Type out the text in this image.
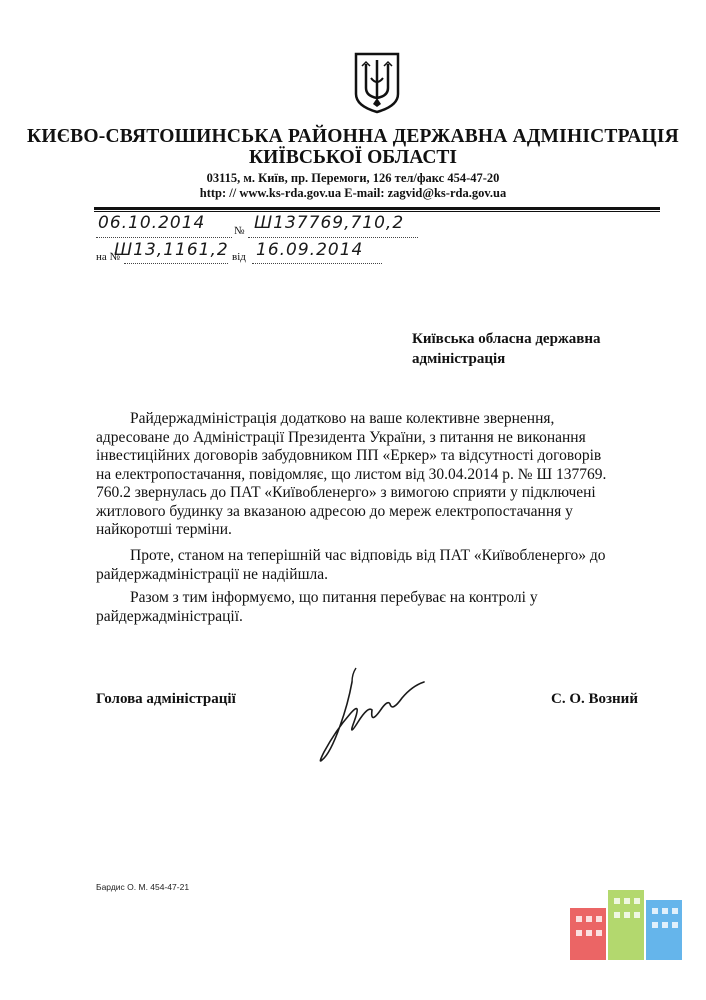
КИЄВО-СВЯТОШИНСЬКА РАЙОННА ДЕРЖАВНА АДМІНІСТРАЦІЯ
КИЇВСЬКОЇ ОБЛАСТІ
03115, м. Київ, пр. Перемоги, 126 тел/факс 454-47-20
http: // www.ks-rda.gov.ua E-mail: zagvid@ks-rda.gov.ua
06.10.2014	№ Ш137769,710,2
на №
Ш13,1161,2 від 16.09.2014
Київська обласна державна
адміністрація
Райдержадміністрація додатково на ваше колективне звернення,
адресоване до Адміністрації Президента України, з питання не виконання
інвестиційних договорів забудовником ПП «Еркер» та відсутності договорів
на електропостачання, повідомляє, що листом від 30.04.2014 р. № Ш 137769.
760.2 звернулась до ПАТ «Київобленерго» з вимогою сприяти у підключені
житлового будинку за вказаною адресою до мереж електропостачання у
найкоротші терміни.
Проте, станом на теперішній час відповідь від ПАТ «Київобленерго» до
райдержадміністрації не надійшла.
Разом з тим інформуємо, що питання перебуває на контролі у
райдержадміністрації.
Голова адміністрації	С. О. Возний
Бардис О. М. 454-47-21
